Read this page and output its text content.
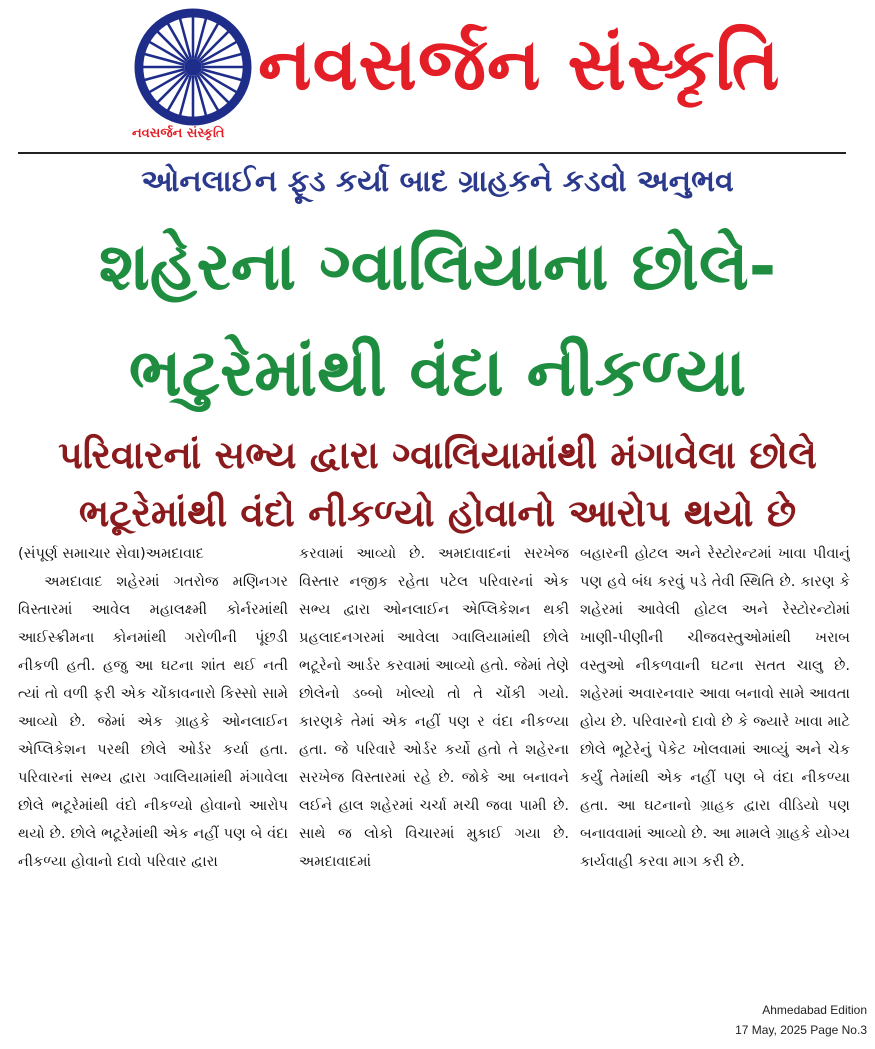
નવસર્જન સંસ્કૃતિ
નવસર્જન સંસ્કૃતિ
ઓનલાઈન ફૂડ કર્યા બાદ ગ્રાહકને કડવો અનુભવ
શહેરના ગ્વાલિયાના છોલે-
ભટુરેમાંથી વંદા નીકળ્યા
પરિવારનાં સભ્ય દ્વારા ગ્વાલિયામાંથી મંગાવેલા છોલે
ભટૂરેમાંથી વંદો નીકળ્યો હોવાનો આરોપ થયો છે

(સંપૂર્ણ સમાચાર સેવા)અમદાવાદ

અમદાવાદ શહેરમાં ગતરોજ મણિનગર વિસ્તારમાં આવેલ મહાલક્ષ્મી કોર્નરમાંથી આઈસ્ક્રીમના કોનમાંથી ગરોળીની પૂંછડી નીકળી હતી. હજુ આ ઘટના શાંત થઈ નતી ત્યાં તો વળી ફરી એક ચોંકાવનારો કિસ્સો સામે આવ્યો છે. જેમાં એક ગ્રાહકે ઓનલાઈન એપ્લિકેશન પરથી છોલે ઓર્ડર કર્યા હતા. પરિવારનાં સભ્ય દ્વારા ગ્વાલિયામાંથી મંગાવેલા છોલે ભટૂરેમાંથી વંદો નીકળ્યો હોવાનો આરોપ થયો છે. છોલે ભટૂરેમાંથી એક નહીં પણ બે વંદા નીકળ્યા હોવાનો દાવો પરિવાર દ્વારા

કરવામાં આવ્યો છે. અમદાવાદનાં સરખેજ વિસ્તાર નજીક રહેતા પટેલ પરિવારનાં એક સભ્ય દ્વારા ઓનલાઈન એપ્લિકેશન થકી પ્રહલાદનગરમાં આવેલા ગ્વાલિયામાંથી છોલે ભટૂરેનો આર્ડર કરવામાં આવ્યો હતો. જેમાં તેણે છોલેનો ડબ્બો ખોલ્યો તો તે ચોંકી ગયો. કારણકે તેમાં એક નહીં પણ ર વંદા નીકળ્યા હતા. જે પરિવારે ઓર્ડર કર્યો હતો તે શહેરના સરખેજ વિસ્તારમાં રહે છે. જોકે આ બનાવને લઈને હાલ શહેરમાં ચર્ચા મચી જવા પામી છે. સાથે જ લોકો વિચારમાં મુકાઈ ગયા છે. અમદાવાદમાં

બહારની હોટલ અને રેસ્ટોરન્ટમાં ખાવા પીવાનું પણ હવે બંધ કરવું પડે તેવી સ્થિતિ છે. કારણ કે શહેરમાં આવેલી હોટલ અને રેસ્ટોરન્ટોમાં ખાણી-પીણીની ચીજવસ્તુઓમાંથી ખરાબ વસ્તુઓ નીકળવાની ઘટના સતત ચાલુ છે. શહેરમાં અવારનવાર આવા બનાવો સામે આવતા હોય છે. પરિવારનો દાવો છે કે જ્યારે ખાવા માટે છોલે ભૂટેરેનું પેકેટ ખોલવામાં આવ્યું અને ચેક કર્યું તેમાંથી એક નહીં પણ બે વંદા નીકળ્યા હતા. આ ઘટનાનો ગ્રાહક દ્વારા વીડિયો પણ બનાવવામાં આવ્યો છે. આ મામલે ગ્રાહકે યોગ્ય કાર્યવાહી કરવા માગ કરી છે.

Ahmedabad Edition
17 May, 2025 Page No.3
